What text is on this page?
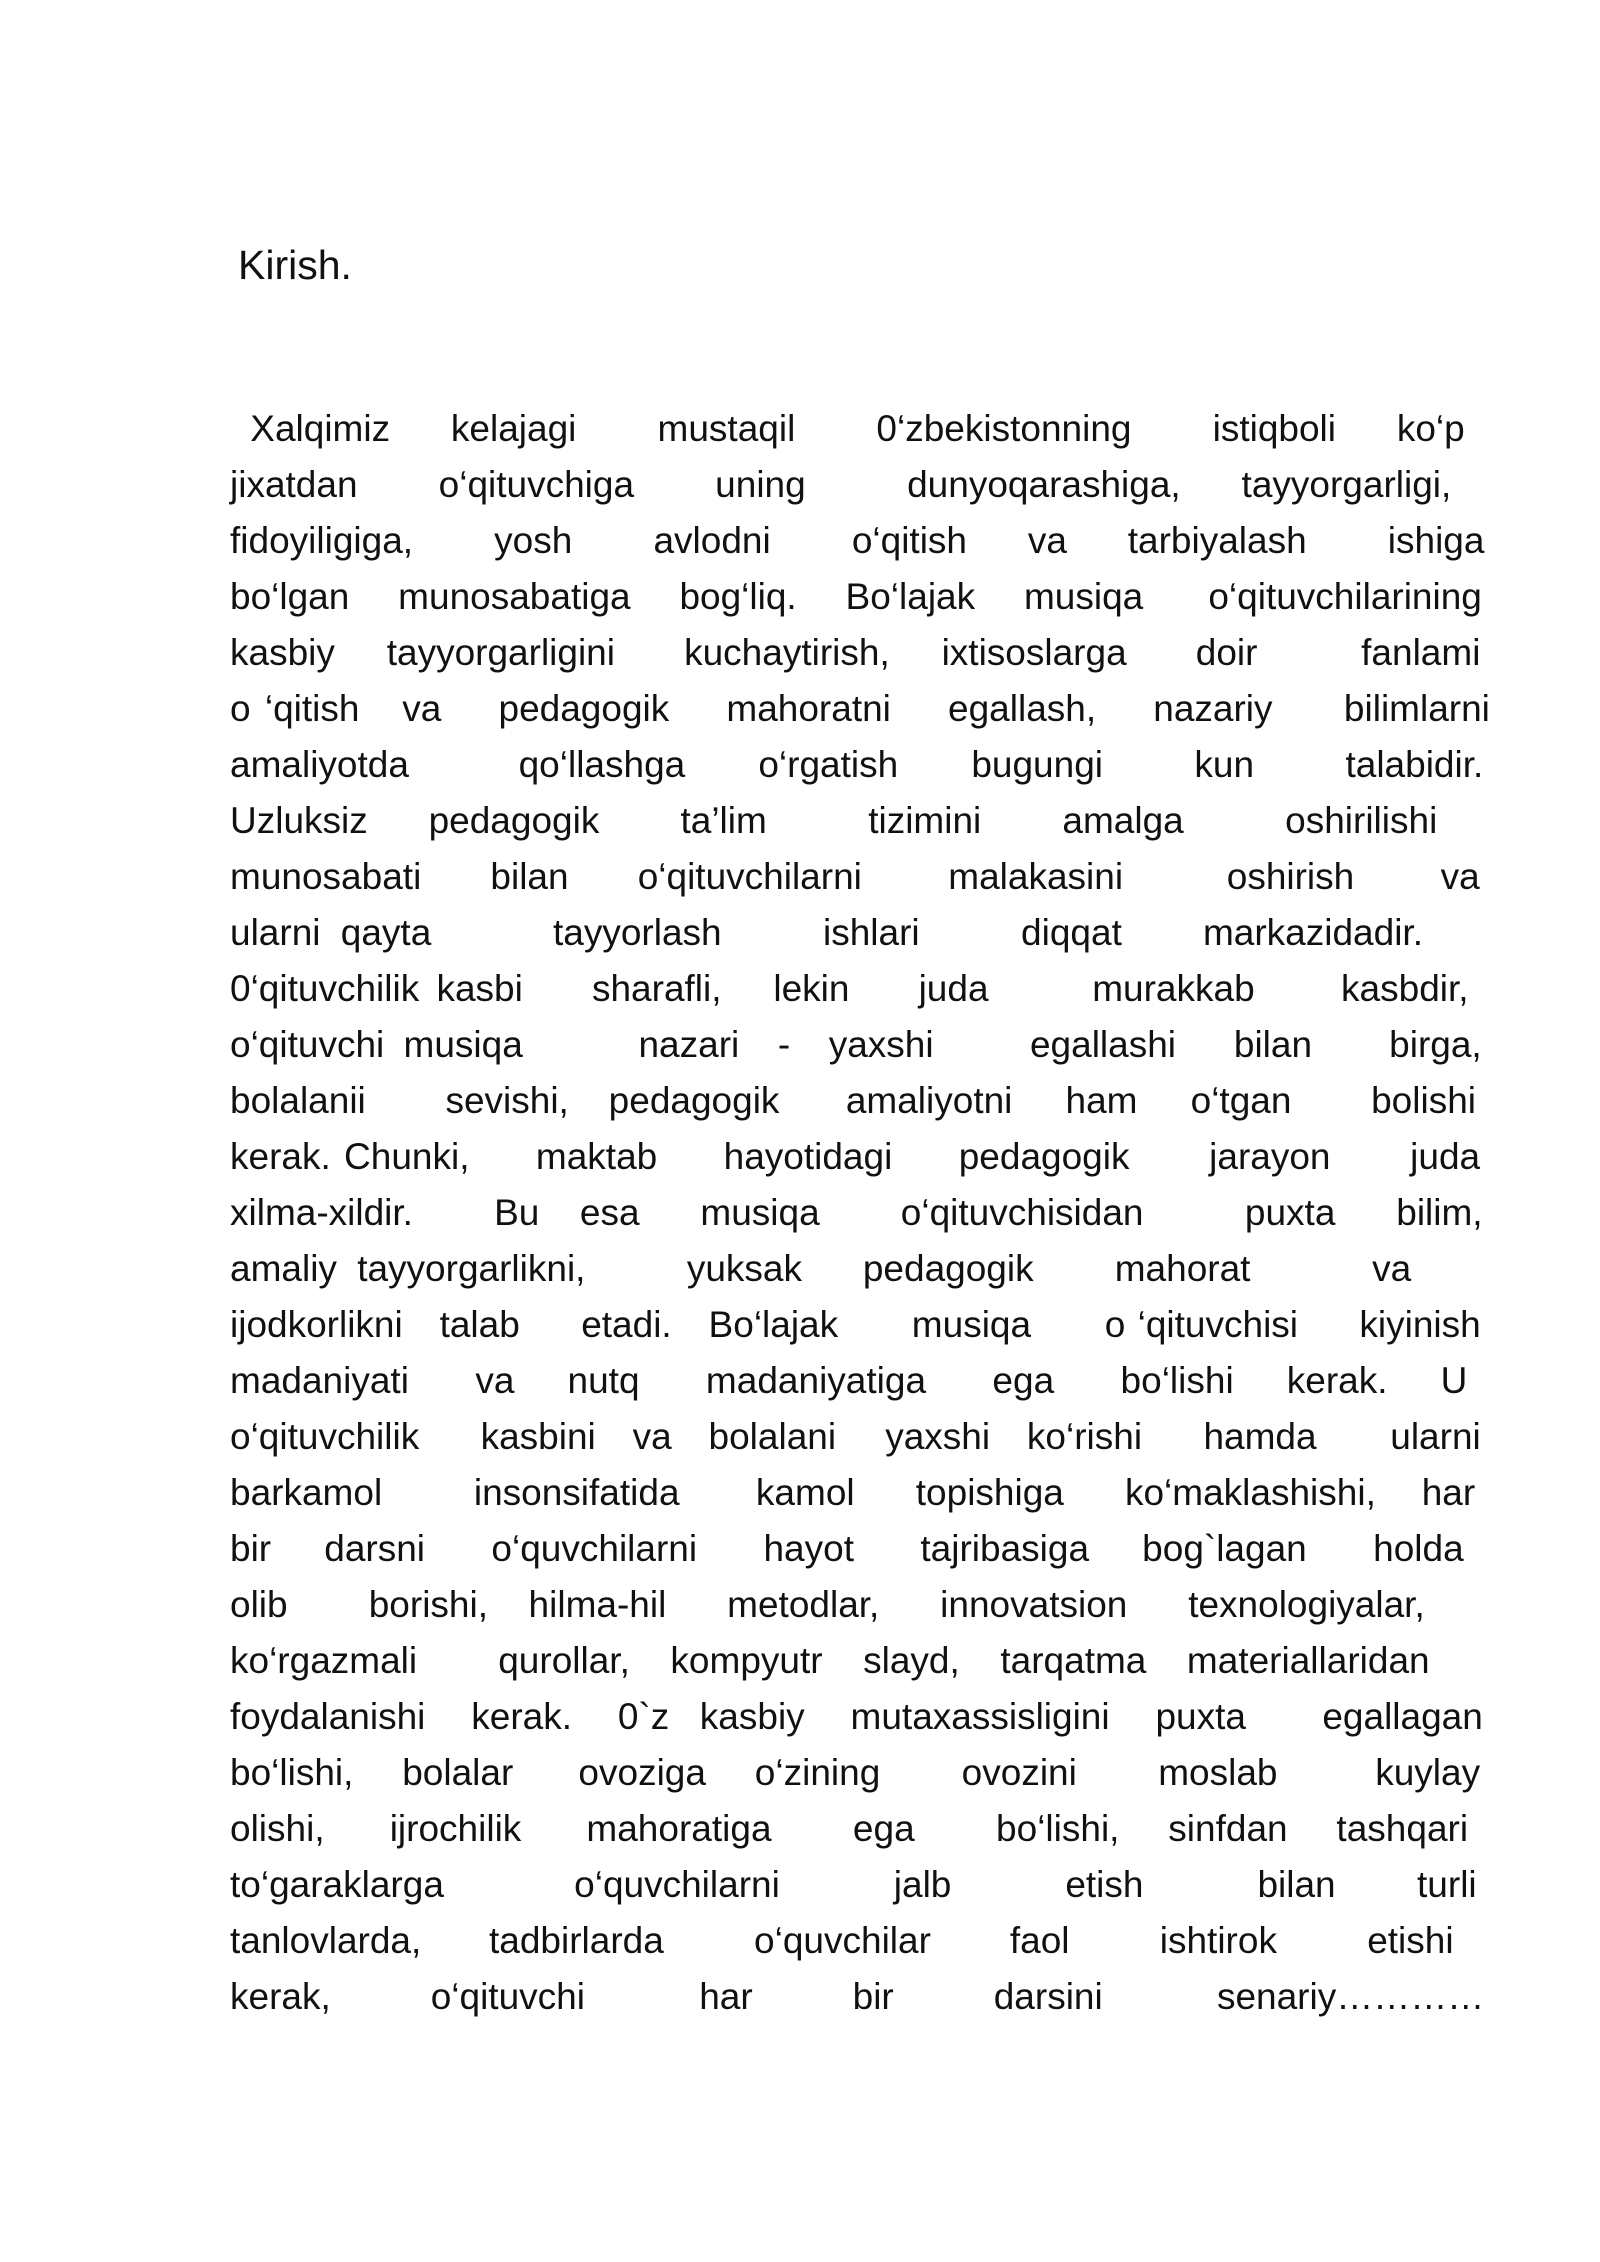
Kirish.
Xalqimiz   kelajagi    mustaqil    0‘zbekistonning    istiqboli   ko‘p
jixatdan    o‘qituvchiga    uning     dunyoqarashiga,   tayyorgarligi,
fidoyiligiga,    yosh    avlodni    o‘qitish   va   tarbiyalash    ishiga
bo‘lgan   munosabatiga   bog‘liq.   Bo‘lajak   musiqa    o‘qituvchilarining
kasbiy   tayyorgarligini    kuchaytirish,   ixtisoslarga    doir      fanlami
o ‘qitish   va    pedagogik    mahoratni    egallash,    nazariy     bilimlarni
amaliyotda      qo‘llashga    o‘rgatish    bugungi     kun     talabidir.
Uzluksiz   pedagogik    ta’lim     tizimini    amalga     oshirilishi
munosabati    bilan    o‘qituvchilarni     malakasini      oshirish     va
ularni qayta      tayyorlash     ishlari     diqqat    markazidadir.
0‘qituvchilik kasbi    sharafli,   lekin    juda      murakkab     kasbdir,
o‘qituvchi musiqa      nazari  -  yaxshi     egallashi   bilan    birga,
bolalanii      sevishi,   pedagogik     amaliyotni    ham    o‘tgan      bolishi
kerak. Chunki,     maktab     hayotidagi     pedagogik      jarayon      juda
xilma-xildir.    Bu  esa   musiqa    o‘qituvchisidan     puxta   bilim,
amaliy tayyorgarlikni,     yuksak   pedagogik    mahorat      va
ijodkorlikni   talab     etadi.   Bo‘lajak      musiqa      o ‘qituvchisi     kiyinish
madaniyati     va    nutq     madaniyatiga     ega     bo‘lishi    kerak.    U
o‘qituvchilik     kasbini   va   bolalani    yaxshi   ko‘rishi     hamda      ularni
barkamol      insonsifatida     kamol    topishiga    ko‘maklashishi,   har
bir    darsni     o‘quvchilarni     hayot     tajribasiga    bog`lagan     holda
olib    borishi,  hilma-hil   metodlar,   innovatsion   texnologiyalar,
ko‘rgazmali    qurollar,  kompyutr  slayd,  tarqatma  materiallaridan
foydalanishi   kerak.   0`z  kasbiy   mutaxassisligini   puxta     egallagan
bo‘lishi,   bolalar    ovoziga   o‘zining     ovozini     moslab      kuylay
olishi,    ijrochilik    mahoratiga     ega     bo‘lishi,   sinfdan   tashqari
to‘garaklarga        o‘quvchilarni       jalb       etish       bilan     turli
tanlovlarda,      tadbirlarda        o‘quvchilar       faol        ishtirok        etishi
kerak,       o‘qituvchi        har       bir       darsini        senariy…………
